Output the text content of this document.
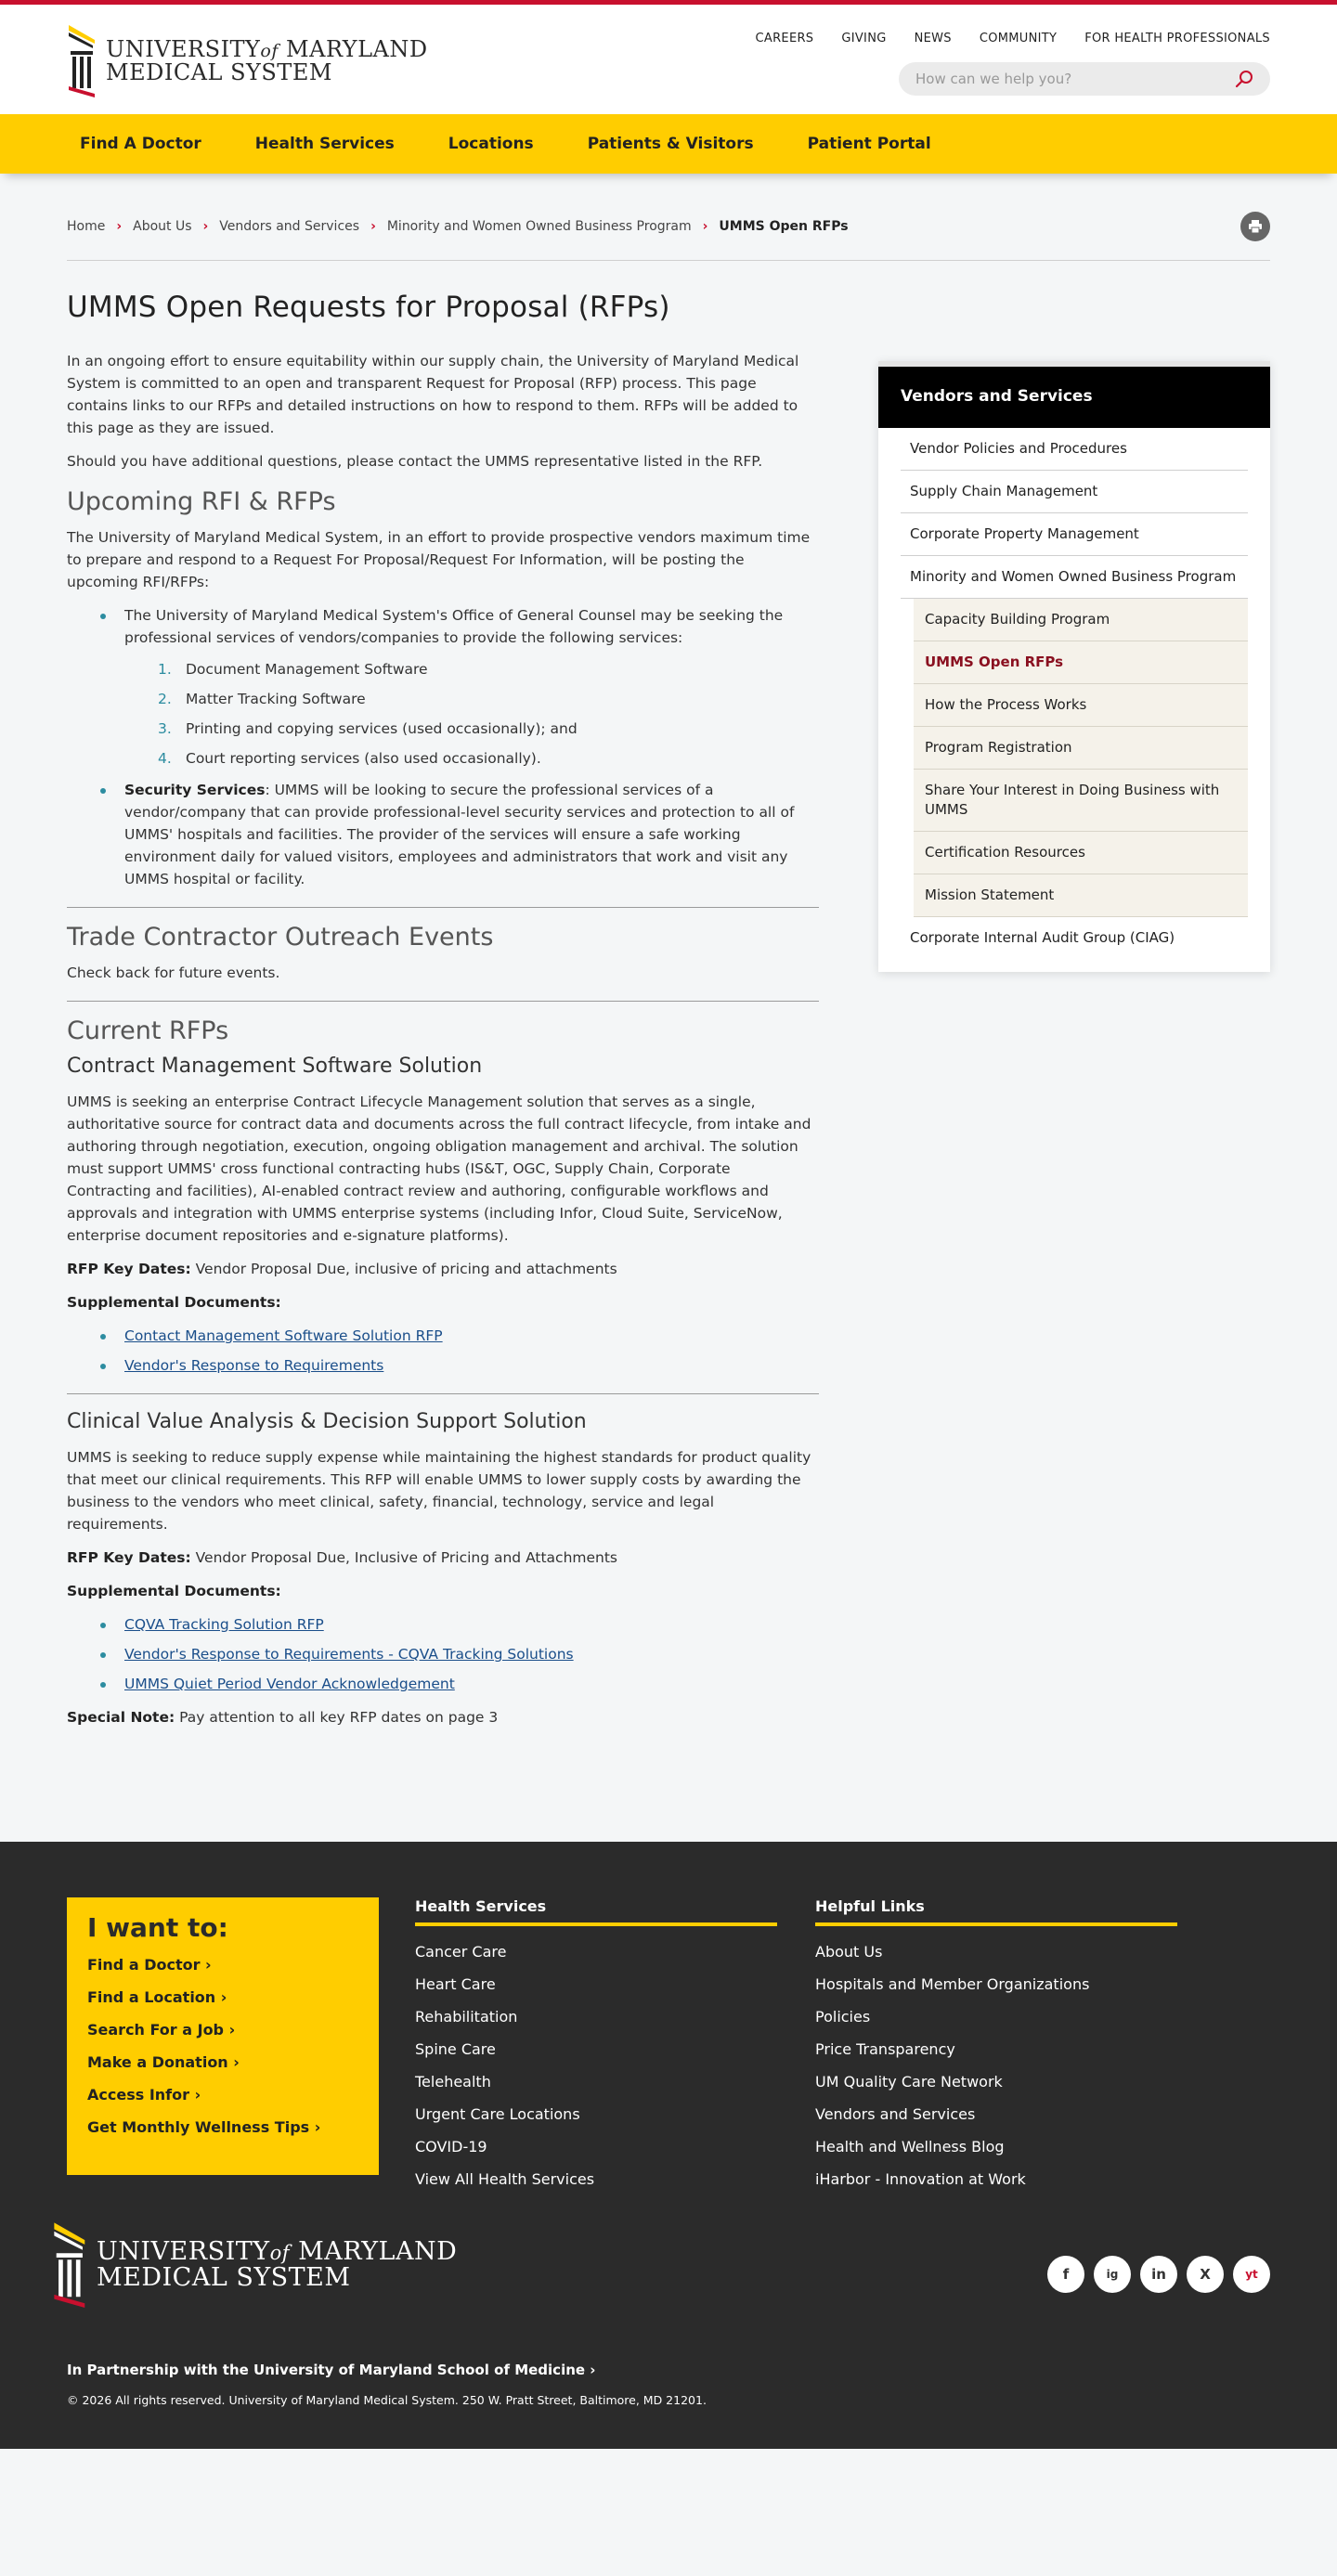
UNIVERSITYof MARYLAND
MEDICAL SYSTEM
CAREERS GIVING NEWS COMMUNITY FOR HEALTH PROFESSIONALS
How can we help you?
Find A Doctor	Health Services	Locations	Patients & Visitors	Patient Portal
Home › About Us › Vendors and Services › Minority and Women Owned Business Program › UMMS Open RFPs
UMMS Open Requests for Proposal (RFPs)

In an ongoing effort to ensure equitability within our supply chain, the University of Maryland Medical System is committed to an open and transparent Request for Proposal (RFP) process. This page contains links to our RFPs and detailed instructions on how to respond to them. RFPs will be added to this page as they are issued.

Should you have additional questions, please contact the UMMS representative listed in the RFP.

Upcoming RFI & RFPs

The University of Maryland Medical System, in an effort to provide prospective vendors maximum time to prepare and respond to a Request For Proposal/Request For Information, will be posting the upcoming RFI/RFPs:

The University of Maryland Medical System's Office of General Counsel may be seeking the professional services of vendors/companies to provide the following services:
1. Document Management Software
2. Matter Tracking Software
3. Printing and copying services (used occasionally); and
4. Court reporting services (also used occasionally).
Security Services: UMMS will be looking to secure the professional services of a vendor/company that can provide professional-level security services and protection to all of UMMS' hospitals and facilities. The provider of the services will ensure a safe working environment daily for valued visitors, employees and administrators that work and visit any UMMS hospital or facility.
Trade Contractor Outreach Events

Check back for future events.

Current RFPs
Contract Management Software Solution

UMMS is seeking an enterprise Contract Lifecycle Management solution that serves as a single, authoritative source for contract data and documents across the full contract lifecycle, from intake and authoring through negotiation, execution, ongoing obligation management and archival. The solution must support UMMS' cross functional contracting hubs (IS&T, OGC, Supply Chain, Corporate Contracting and facilities), AI-enabled contract review and authoring, configurable workflows and approvals and integration with UMMS enterprise systems (including Infor, Cloud Suite, ServiceNow, enterprise document repositories and e-signature platforms).

RFP Key Dates: Vendor Proposal Due, inclusive of pricing and attachments

Supplemental Documents:

Contact Management Software Solution RFP
Vendor's Response to Requirements
Clinical Value Analysis & Decision Support Solution

UMMS is seeking to reduce supply expense while maintaining the highest standards for product quality that meet our clinical requirements. This RFP will enable UMMS to lower supply costs by awarding the business to the vendors who meet clinical, safety, financial, technology, service and legal requirements.

RFP Key Dates: Vendor Proposal Due, Inclusive of Pricing and Attachments

Supplemental Documents:

CQVA Tracking Solution RFP
Vendor's Response to Requirements - CQVA Tracking Solutions
UMMS Quiet Period Vendor Acknowledgement

Special Note: Pay attention to all key RFP dates on page 3

Vendors and Services
Vendor Policies and Procedures
Supply Chain Management
Corporate Property Management
Minority and Women Owned Business Program
Capacity Building Program
UMMS Open RFPs
How the Process Works
Program Registration
Share Your Interest in Doing Business with UMMS
Certification Resources
Mission Statement
Corporate Internal Audit Group (CIAG)
I want to:
Find a Doctor ›
Find a Location ›
Search For a Job ›
Make a Donation ›
Access Infor ›
Get Monthly Wellness Tips ›
Health Services
Cancer Care
Heart Care
Rehabilitation
Spine Care
Telehealth
Urgent Care Locations
COVID-19
View All Health Services
Helpful Links
About Us
Hospitals and Member Organizations
Policies
Price Transparency
UM Quality Care Network
Vendors and Services
Health and Wellness Blog
iHarbor - Innovation at Work
UNIVERSITYof MARYLAND
MEDICAL SYSTEM	f	ig	in	X	yt
In Partnership with the University of Maryland School of Medicine ›
© 2026 All rights reserved. University of Maryland Medical System. 250 W. Pratt Street, Baltimore, MD 21201.
